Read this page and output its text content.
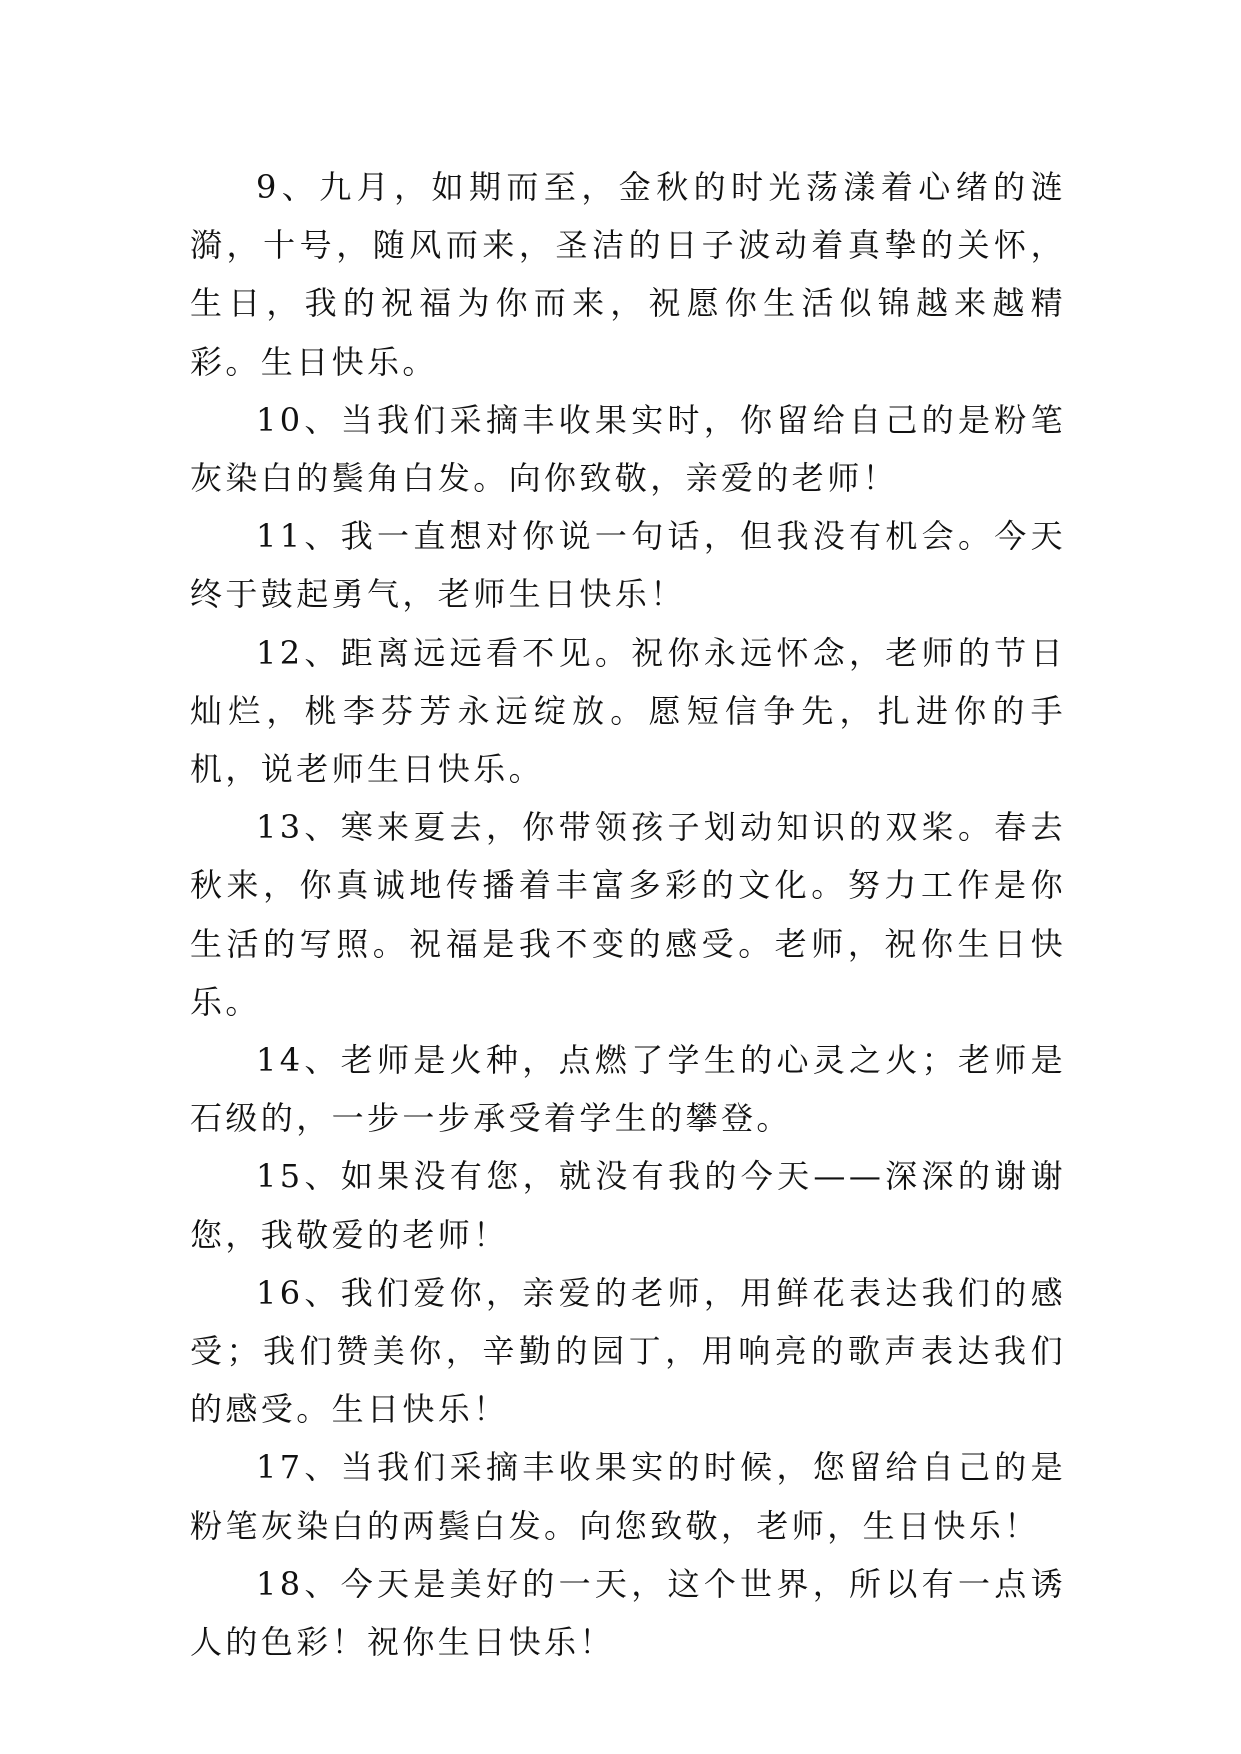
9、九月，如期而至，金秋的时光荡漾着心绪的涟漪，十号，随风而来，圣洁的日子波动着真挚的关怀，生日，我的祝福为你而来，祝愿你生活似锦越来越精彩。生日快乐。

10、当我们采摘丰收果实时，你留给自己的是粉笔灰染白的鬓角白发。向你致敬，亲爱的老师！

11、我一直想对你说一句话，但我没有机会。今天终于鼓起勇气，老师生日快乐！

12、距离远远看不见。祝你永远怀念，老师的节日灿烂，桃李芬芳永远绽放。愿短信争先，扎进你的手机，说老师生日快乐。

13、寒来夏去，你带领孩子划动知识的双桨。春去秋来，你真诚地传播着丰富多彩的文化。努力工作是你生活的写照。祝福是我不变的感受。老师，祝你生日快乐。

14、老师是火种，点燃了学生的心灵之火；老师是石级的，一步一步承受着学生的攀登。

15、如果没有您，就没有我的今天——深深的谢谢您，我敬爱的老师！

16、我们爱你，亲爱的老师，用鲜花表达我们的感受；我们赞美你，辛勤的园丁，用响亮的歌声表达我们的感受。生日快乐！

17、当我们采摘丰收果实的时候，您留给自己的是粉笔灰染白的两鬓白发。向您致敬，老师，生日快乐！

18、今天是美好的一天，这个世界，所以有一点诱人的色彩！祝你生日快乐！
